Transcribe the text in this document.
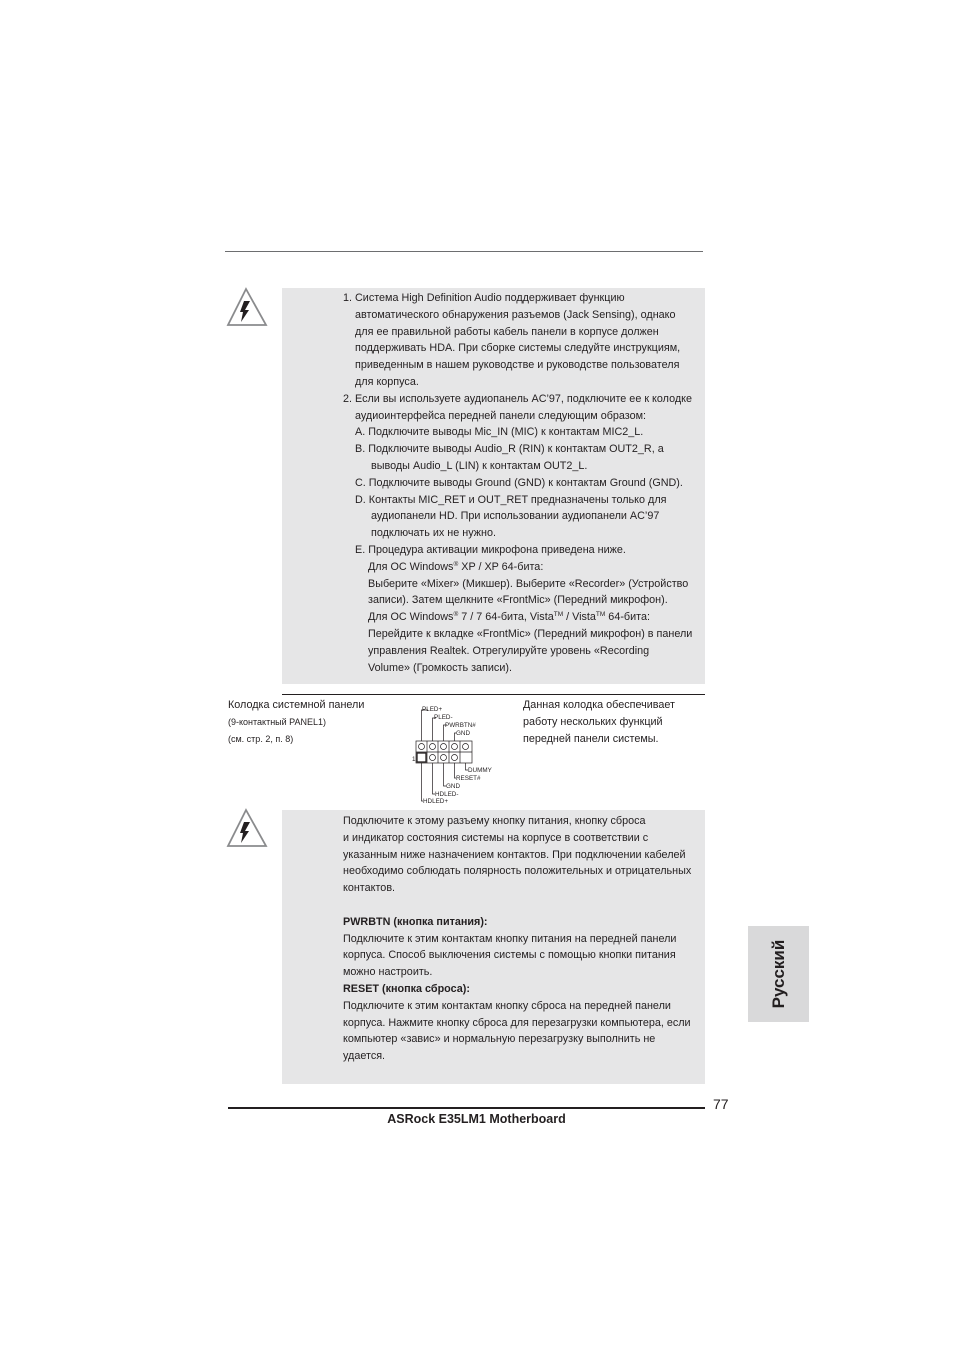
1. Система High Definition Audio поддерживает функцию

автоматического обнаружения разъемов (Jack Sensing), однако

для ее правильной работы кабель панели в корпусе должен

поддерживать HDA. При сборке системы следуйте инструкциям,

приведенным в нашем руководстве и руководстве пользователя

для корпуса.

2. Если вы используете аудиопанель AC’97, подключите ее к колодке

аудиоинтерфейса передней панели следующим образом:

A. Подключите выводы Mic_IN (MIC) к контактам MIC2_L.

B. Подключите выводы Audio_R (RIN) к контактам OUT2_R, а

выводы Audio_L (LIN) к контактам OUT2_L.

C. Подключите выводы Ground (GND) к контактам Ground (GND).

D. Контакты MIC_RET и OUT_RET предназначены только для

аудиопанели HD. При использовании аудиопанели AC’97

подключать их не нужно.

E. Процедура активации микрофона приведена ниже.

Для ОС Windows® XP / XP 64-бита:

Выберите «Mixer» (Микшер). Выберите «Recorder» (Устройство

записи). Затем щелкните «FrontMic» (Передний микрофон).

Для ОС Windows® 7 / 7 64-бита, Vista™ / Vista™ 64-бита:

Перейдите к вкладке «FrontMic» (Передний микрофон) в панели

управления Realtek. Отрегулируйте уровень «Recording

Volume» (Громкость записи).

Колодка системной панели
(9-контактный PANEL1)
(см. стр. 2, п. 8)
Данная колодка обеспечивает
работу нескольких функций
передней панели системы.
1
PLED+
PLED-
PWRBTN#
GND
DUMMY
RESET#
GND
HDLED-
HDLED+

Подключите к этому разъему кнопку питания, кнопку сброса

и индикатор состояния системы на корпусе в соответствии с

указанным ниже назначением контактов. При подключении кабелей

необходимо соблюдать полярность положительных и отрицательных

контактов.

PWRBTN (кнопка питания):

Подключите к этим контактам кнопку питания на передней панели

корпуса. Способ выключения системы с помощью кнопки питания

можно настроить.

RESET (кнопка сброса):

Подключите к этим контактам кнопку сброса на передней панели

корпуса. Нажмите кнопку сброса для перезагрузки компьютера, если

компьютер «завис» и нормальную перезагрузку выполнить не

удается.

Русский
77
ASRock E35LM1 Motherboard
